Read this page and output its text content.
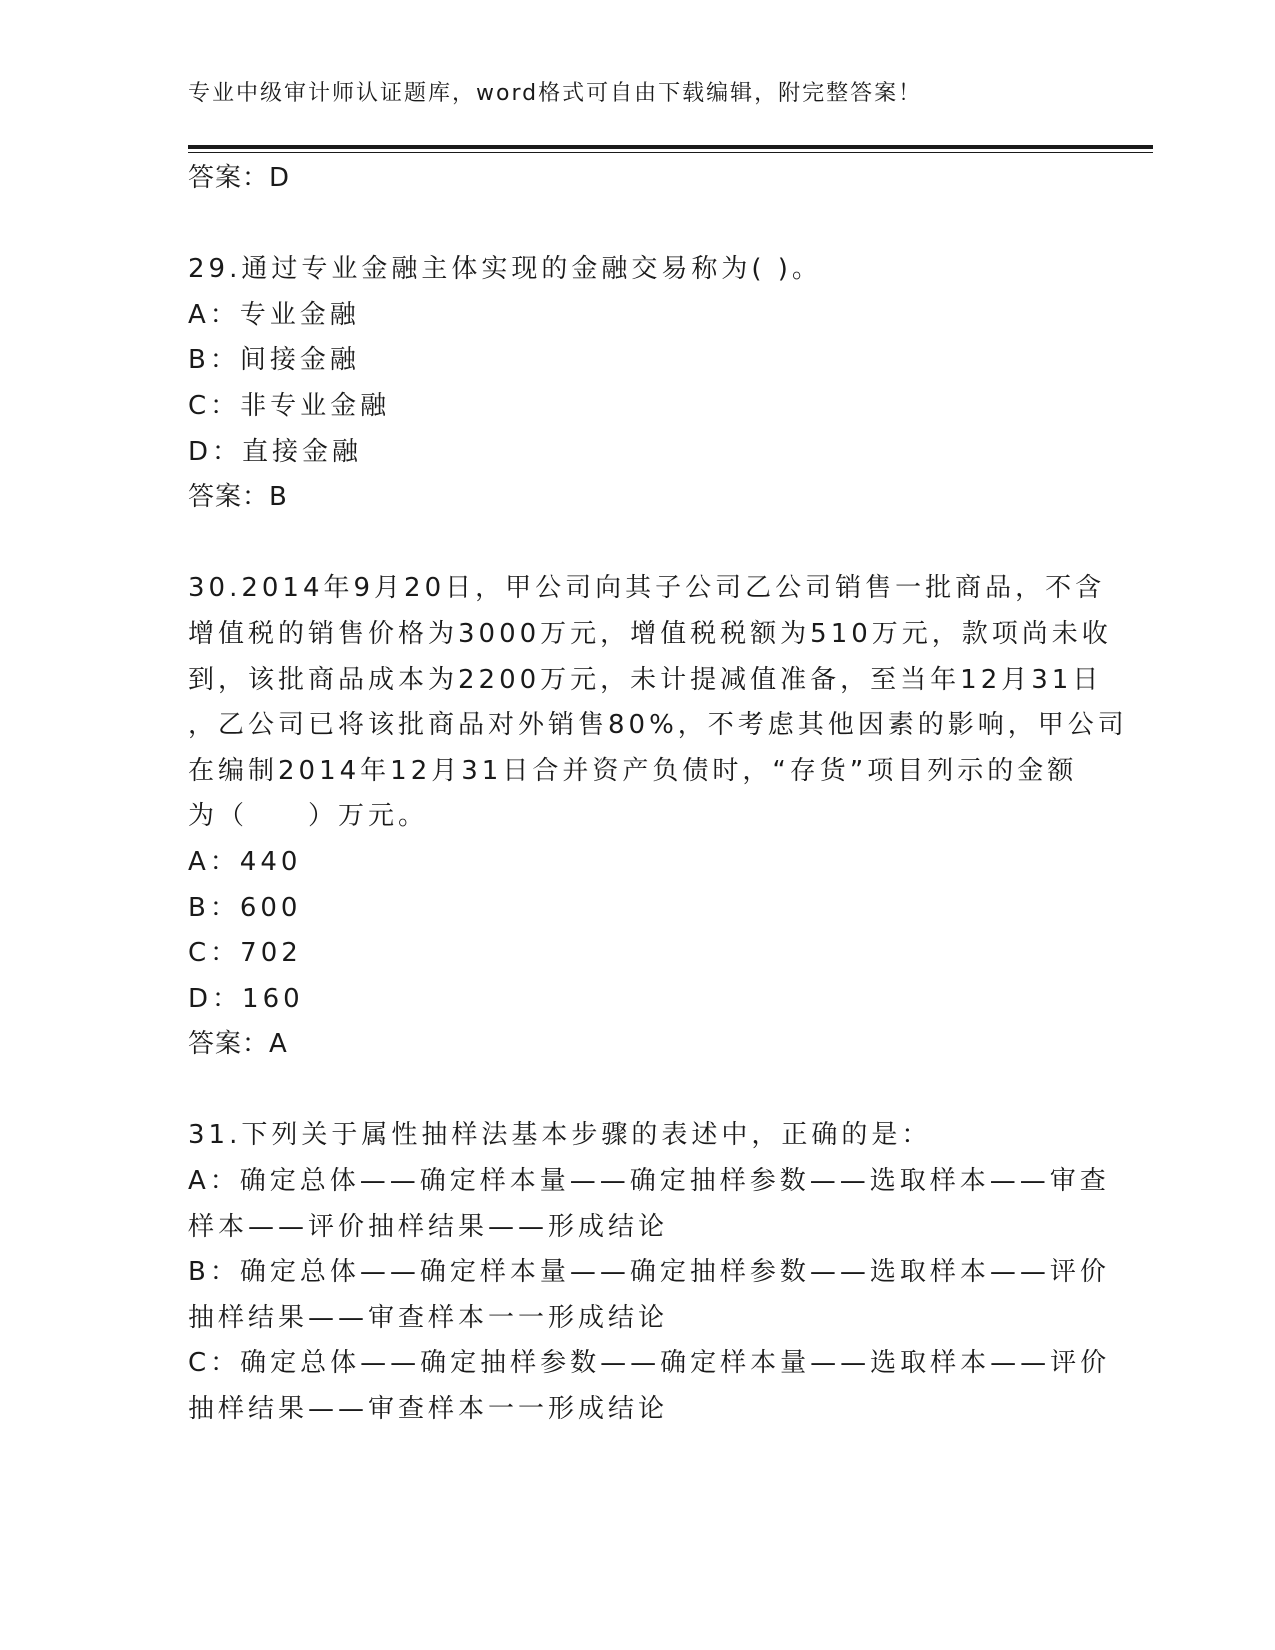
专业中级审计师认证题库，word格式可自由下载编辑，附完整答案！
答案：D
29.通过专业金融主体实现的金融交易称为( )。
A：专业金融
B：间接金融
C：非专业金融
D：直接金融
答案：B
30.2014年9月20日，甲公司向其子公司乙公司销售一批商品，不含
增值税的销售价格为3000万元，增值税税额为510万元，款项尚未收
到，该批商品成本为2200万元，未计提减值准备，至当年12月31日
，乙公司已将该批商品对外销售80%，不考虑其他因素的影响，甲公司
在编制2014年12月31日合并资产负债时，“存货”项目列示的金额
为（　　）万元。
A：440
B：600
C：702
D：160
答案：A
31.下列关于属性抽样法基本步骤的表述中，正确的是：
A：确定总体——确定样本量——确定抽样参数——选取样本——审查
样本——评价抽样结果——形成结论
B：确定总体——确定样本量——确定抽样参数——选取样本——评价
抽样结果——审查样本一一形成结论
C：确定总体——确定抽样参数——确定样本量——选取样本——评价
抽样结果——审查样本一一形成结论
